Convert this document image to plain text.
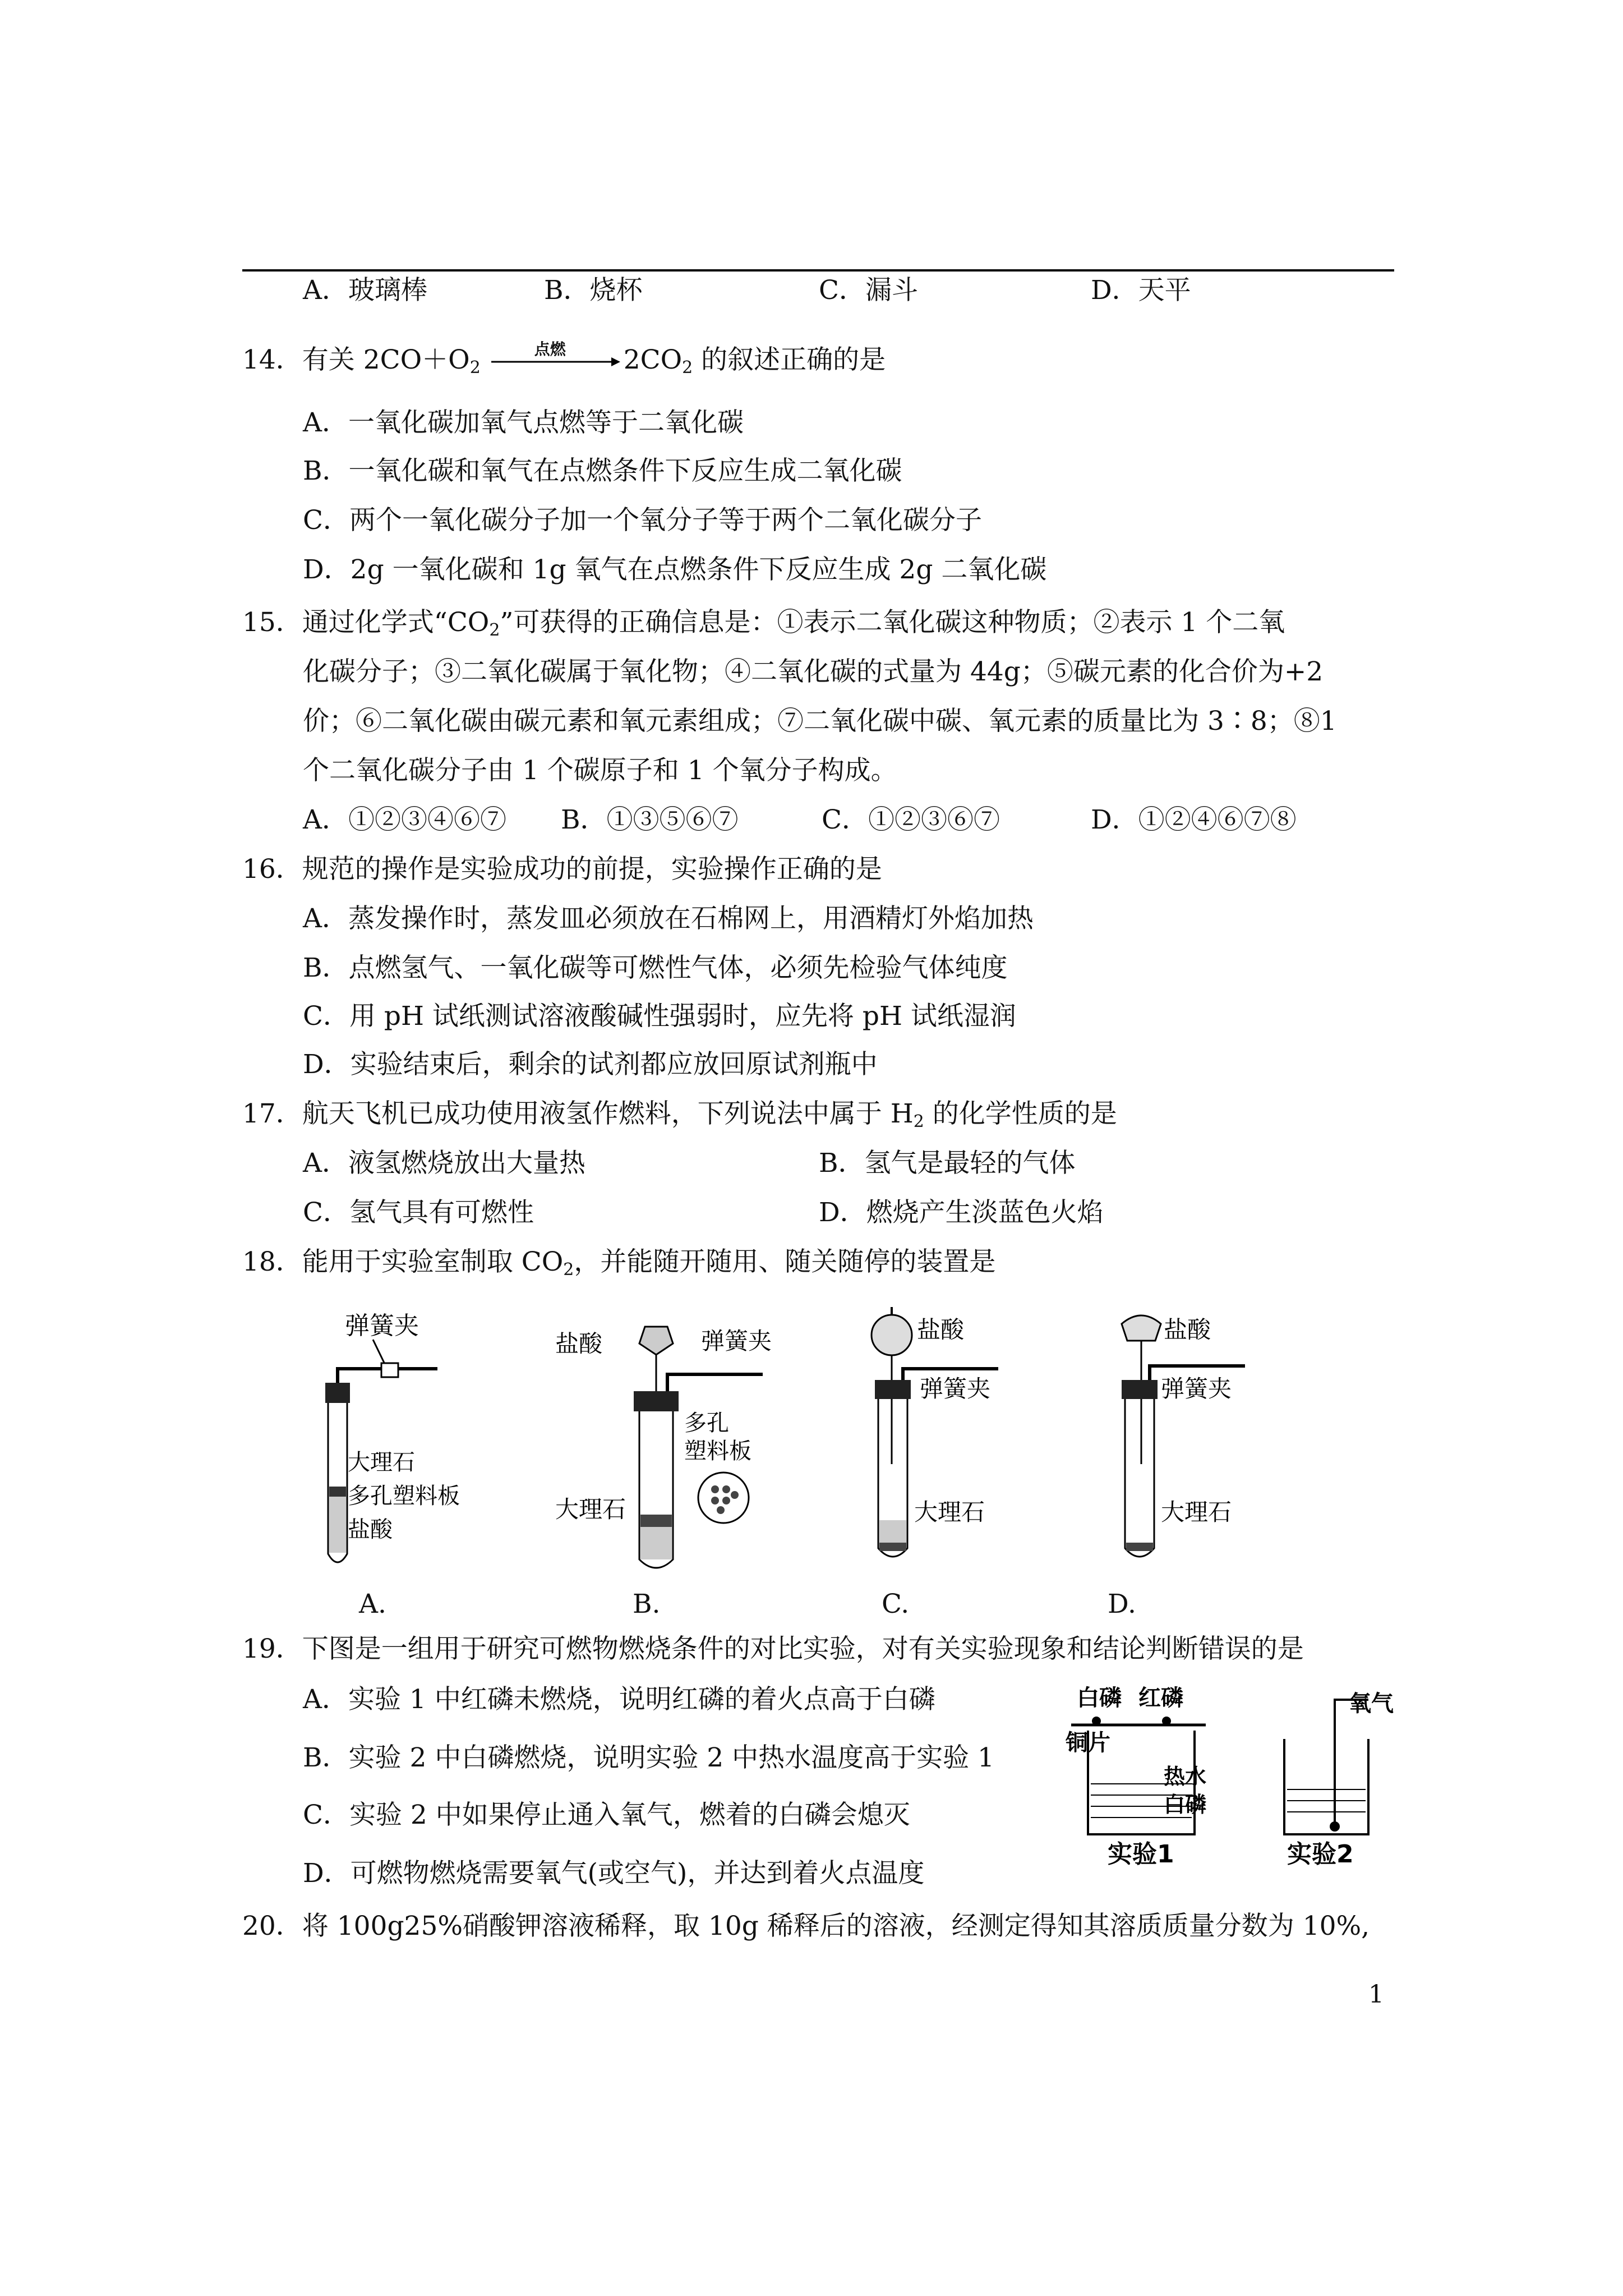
A．玻璃棒	B．烧杯	C．漏斗	D．天平
14．有关 $2CO+O_2$
点燃	$2CO_2$ 的叙述正确的是
A．一氧化碳加氧气点燃等于二氧化碳
B．一氧化碳和氧气在点燃条件下反应生成二氧化碳
C．两个一氧化碳分子加一个氧分子等于两个二氧化碳分子
D．2g 一氧化碳和 1g 氧气在点燃条件下反应生成 2g 二氧化碳
15．通过化学式“$CO_2$”可获得的正确信息是：①表示二氧化碳这种物质；②表示 1 个二氧
化碳分子；③二氧化碳属于氧化物；④二氧化碳的式量为 44g；⑤碳元素的化合价为+2
价；⑥二氧化碳由碳元素和氧元素组成；⑦二氧化碳中碳、氧元素的质量比为 3∶8；⑧1
个二氧化碳分子由 1 个碳原子和 1 个氧分子构成。
A．①②③④⑥⑦ B．①③⑤⑥⑦	C．①②③⑥⑦	D．①②④⑥⑦⑧
16．规范的操作是实验成功的前提，实验操作正确的是
A．蒸发操作时，蒸发皿必须放在石棉网上，用酒精灯外焰加热
B．点燃氢气、一氧化碳等可燃性气体，必须先检验气体纯度
C．用 pH 试纸测试溶液酸碱性强弱时，应先将 pH 试纸湿润
D．实验结束后，剩余的试剂都应放回原试剂瓶中
17．航天飞机已成功使用液氢作燃料，下列说法中属于 $H_2$ 的化学性质的是
A．液氢燃烧放出大量热	B．氢气是最轻的气体
C．氢气具有可燃性	D．燃烧产生淡蓝色火焰
18．能用于实验室制取 $CO_2$，并能随开随用、随关随停的装置是
弹簧夹
大理石
多孔塑料板
盐酸
A.
盐酸	弹簧夹
多孔
塑料板
大理石
B.
盐酸
弹簧夹
大理石
C.
盐酸
弹簧夹
大理石
D.
19．下图是一组用于研究可燃物燃烧条件的对比实验，对有关实验现象和结论判断错误的是
A．实验 1 中红磷未燃烧，说明红磷的着火点高于白磷
B．实验 2 中白磷燃烧，说明实验 2 中热水温度高于实验 1
C．实验 2 中如果停止通入氧气，燃着的白磷会熄灭
D．可燃物燃烧需要氧气(或空气)，并达到着火点温度
白磷 红磷
铜片
热水
白磷
实验1
氧气
实验2
20．将 100g25%硝酸钾溶液稀释，取 10g 稀释后的溶液，经测定得知其溶质质量分数为 10%,
1
